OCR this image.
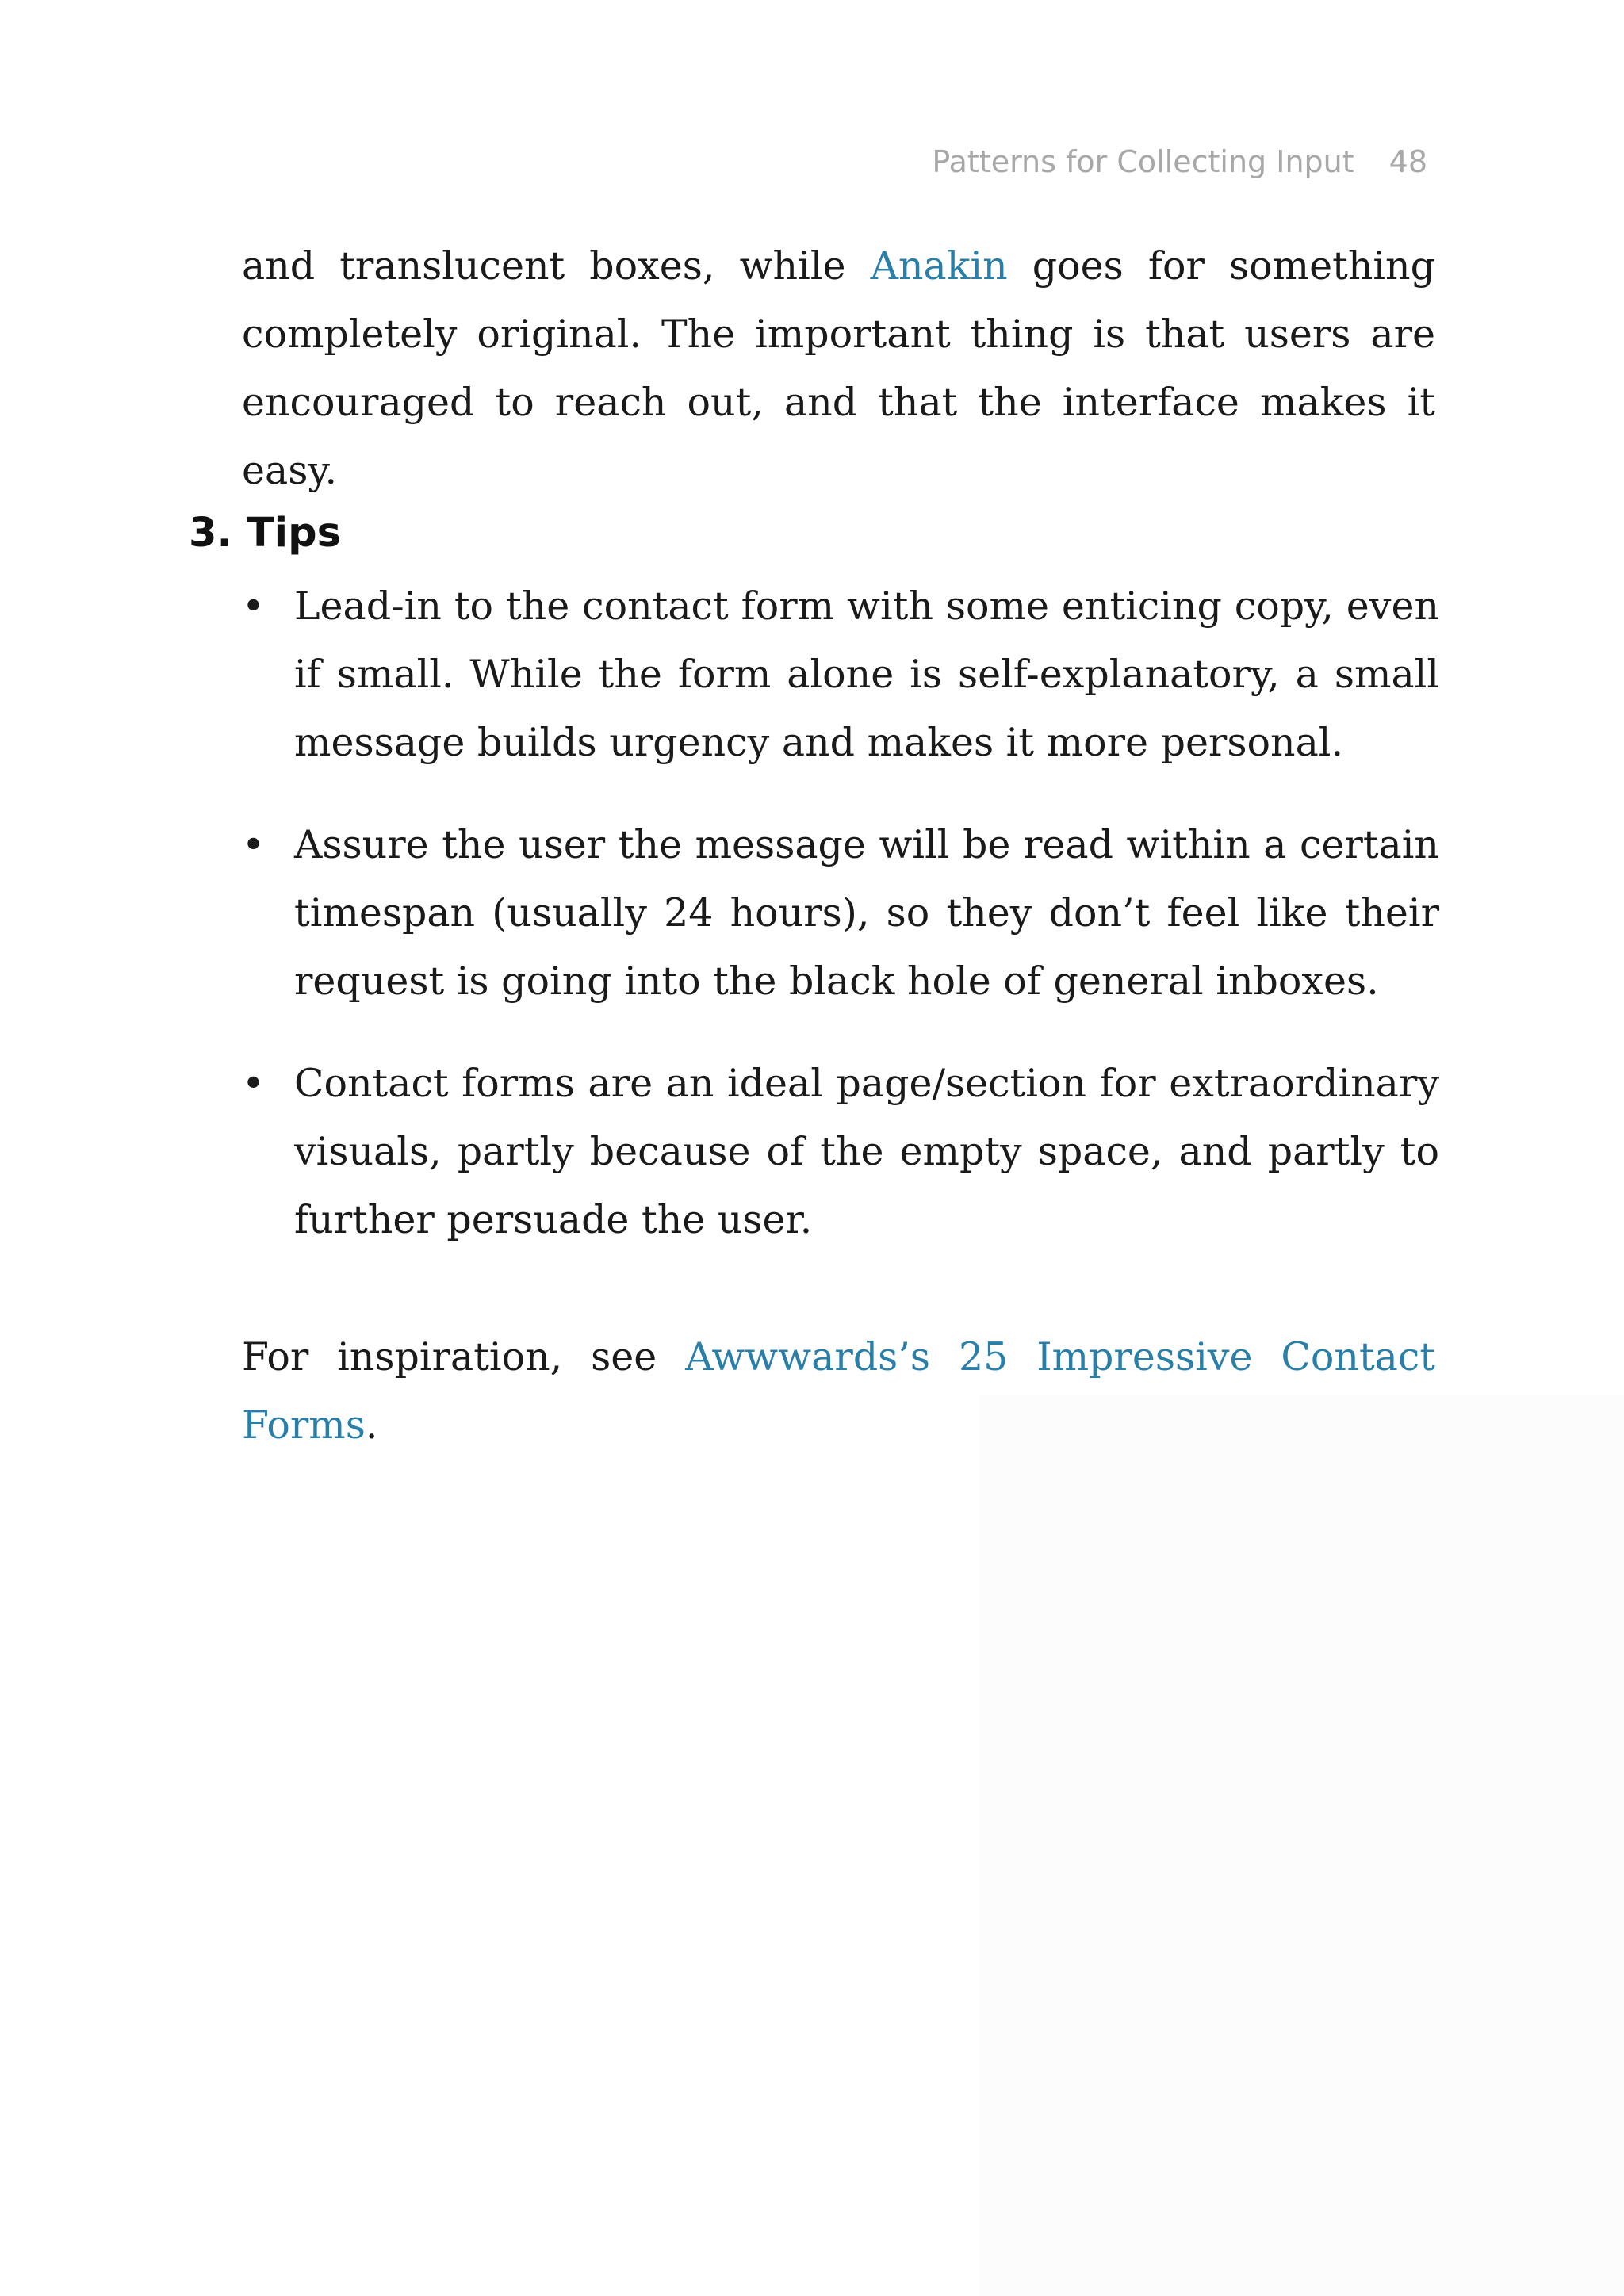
Patterns for Collecting Input 48

and translucent boxes, while Anakin goes for something completely original. The important thing is that users are encouraged to reach out, and that the interface makes it easy.

3. Tips
• Lead-in to the contact form with some enticing copy, even if small. While the form alone is self-explanatory, a small message builds urgency and makes it more personal.
• Assure the user the message will be read within a certain timespan (usually 24 hours), so they don’t feel like their request is going into the black hole of general inboxes.
• Contact forms are an ideal page/section for extraordinary visuals, partly because of the empty space, and partly to further persuade the user.

For inspiration, see Awwwards’s 25 Impressive Contact Forms.
